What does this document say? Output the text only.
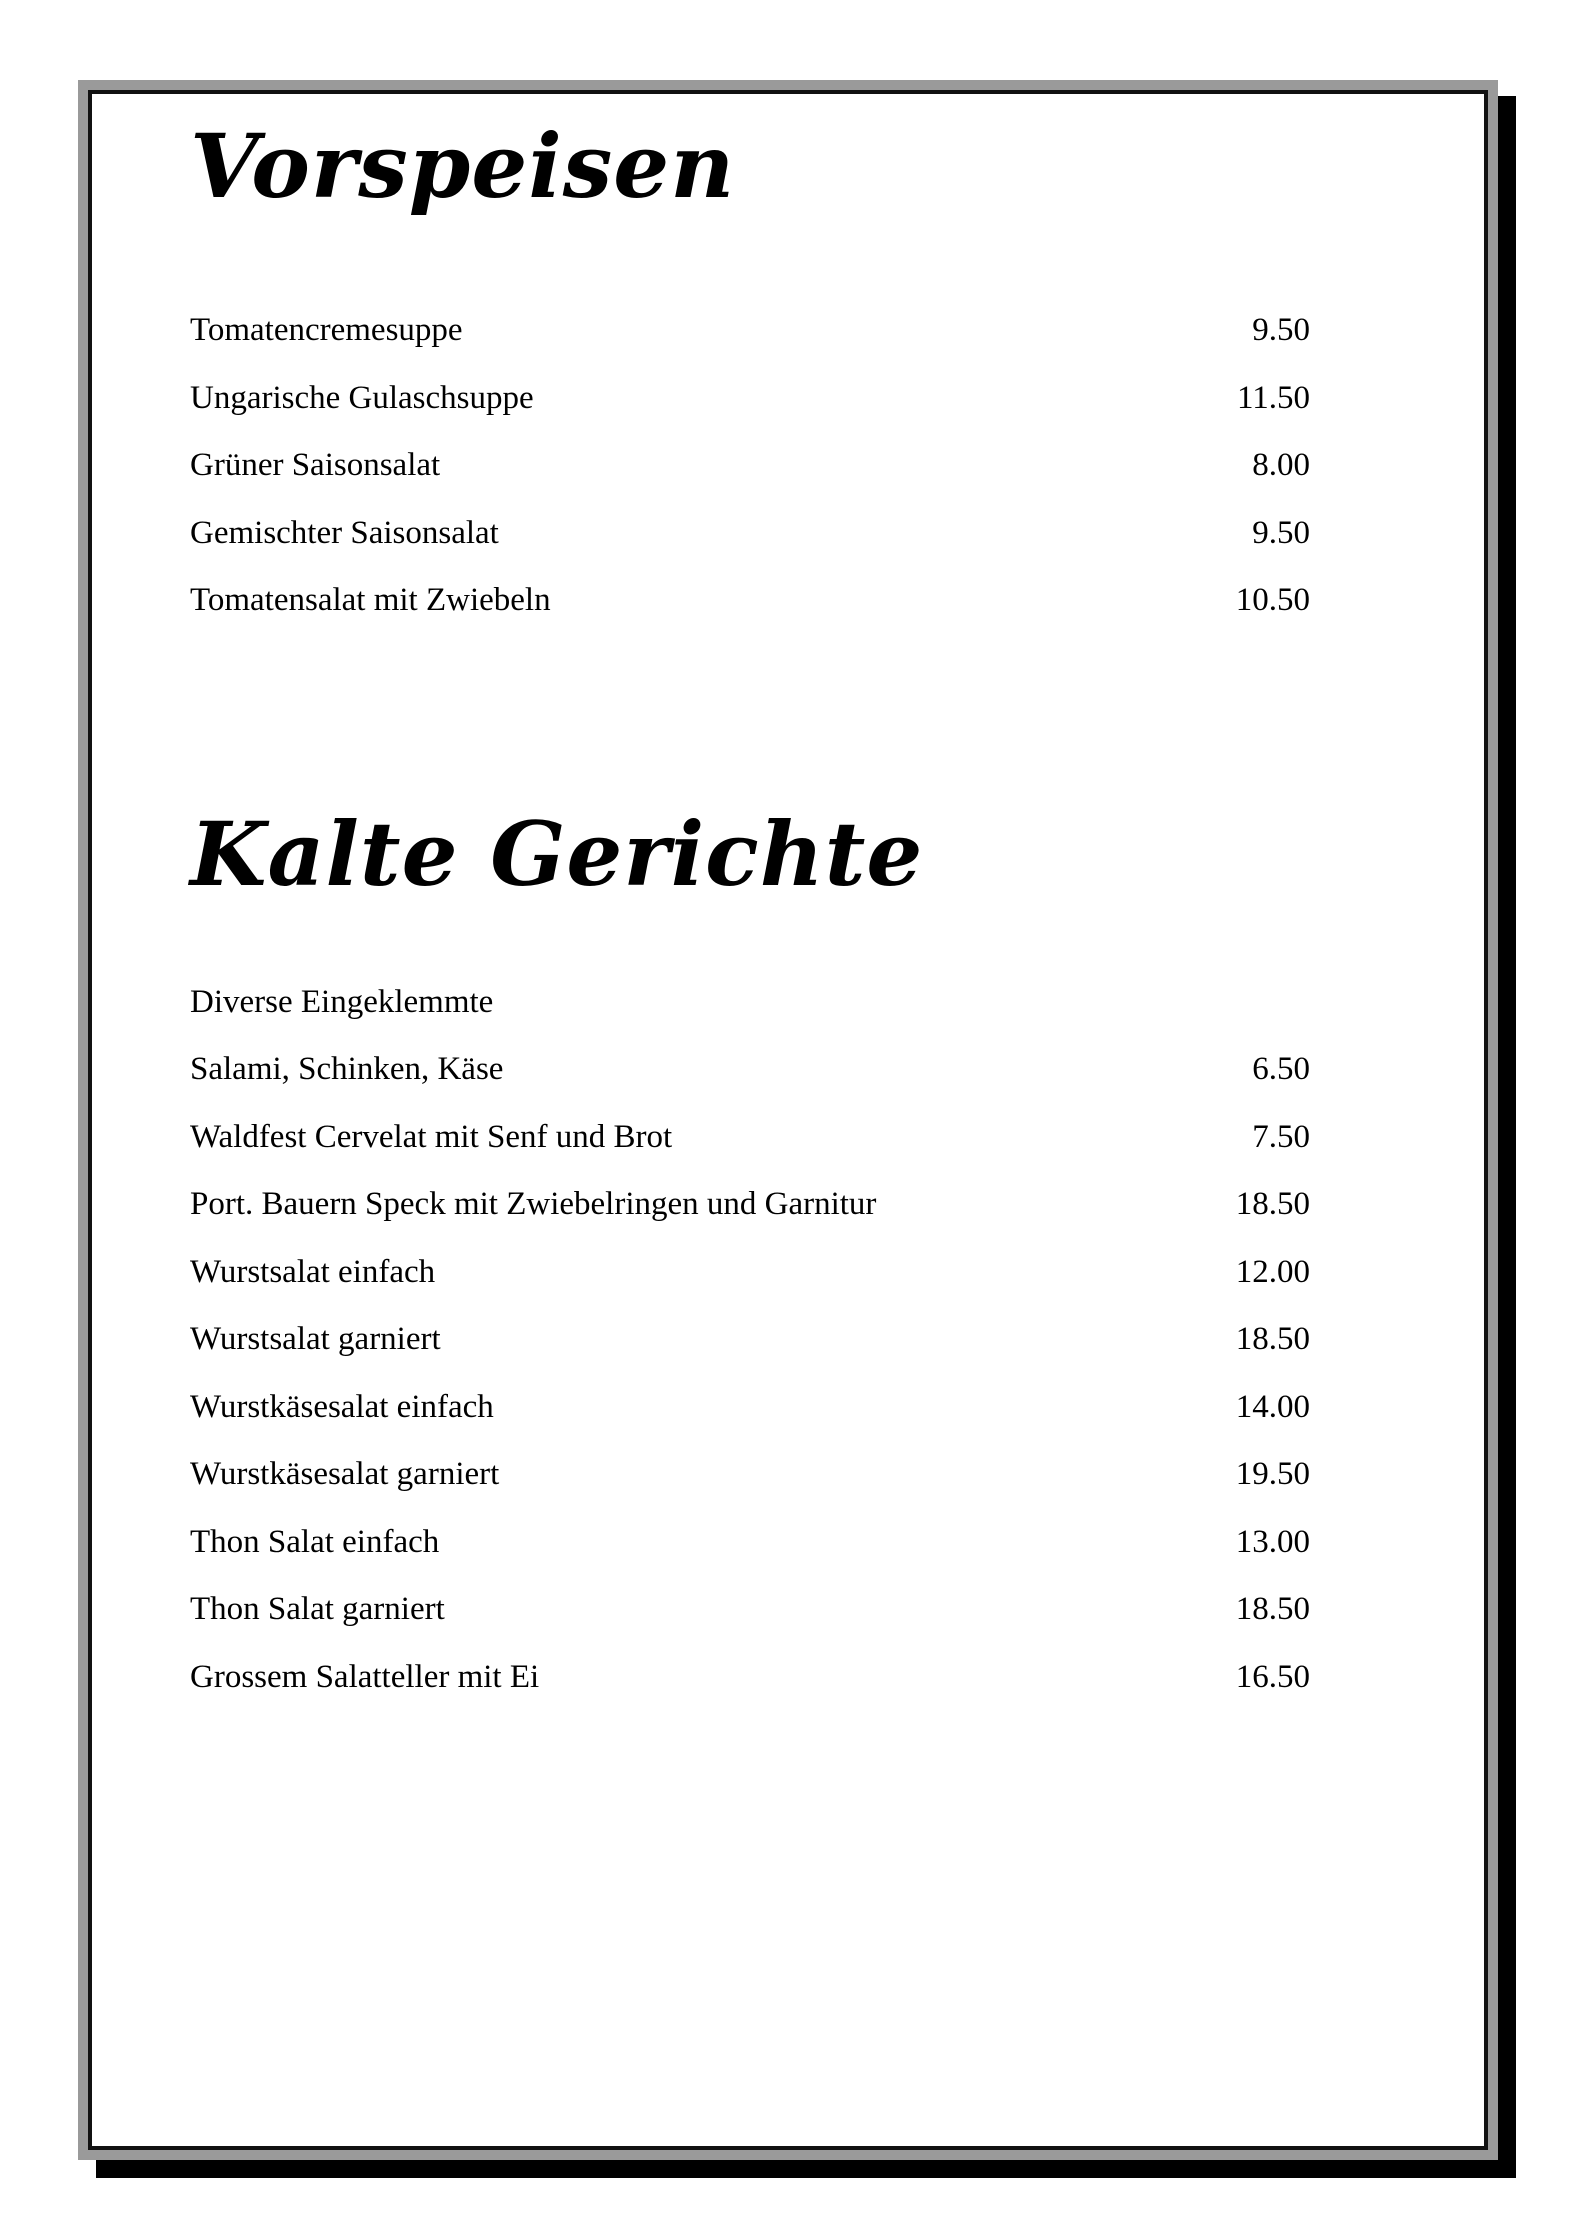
Vorspeisen
Tomatencremesuppe	9.50
Ungarische Gulaschsuppe	11.50
Grüner Saisonsalat	8.00
Gemischter Saisonsalat	9.50
Tomatensalat mit Zwiebeln	10.50
Kalte Gerichte
Diverse Eingeklemmte
Salami, Schinken, Käse	6.50
Waldfest Cervelat mit Senf und Brot	7.50
Port. Bauern Speck mit Zwiebelringen und Garnitur	18.50
Wurstsalat einfach	12.00
Wurstsalat garniert	18.50
Wurstkäsesalat einfach	14.00
Wurstkäsesalat garniert	19.50
Thon Salat einfach	13.00
Thon Salat garniert	18.50
Grossem Salatteller mit Ei	16.50
